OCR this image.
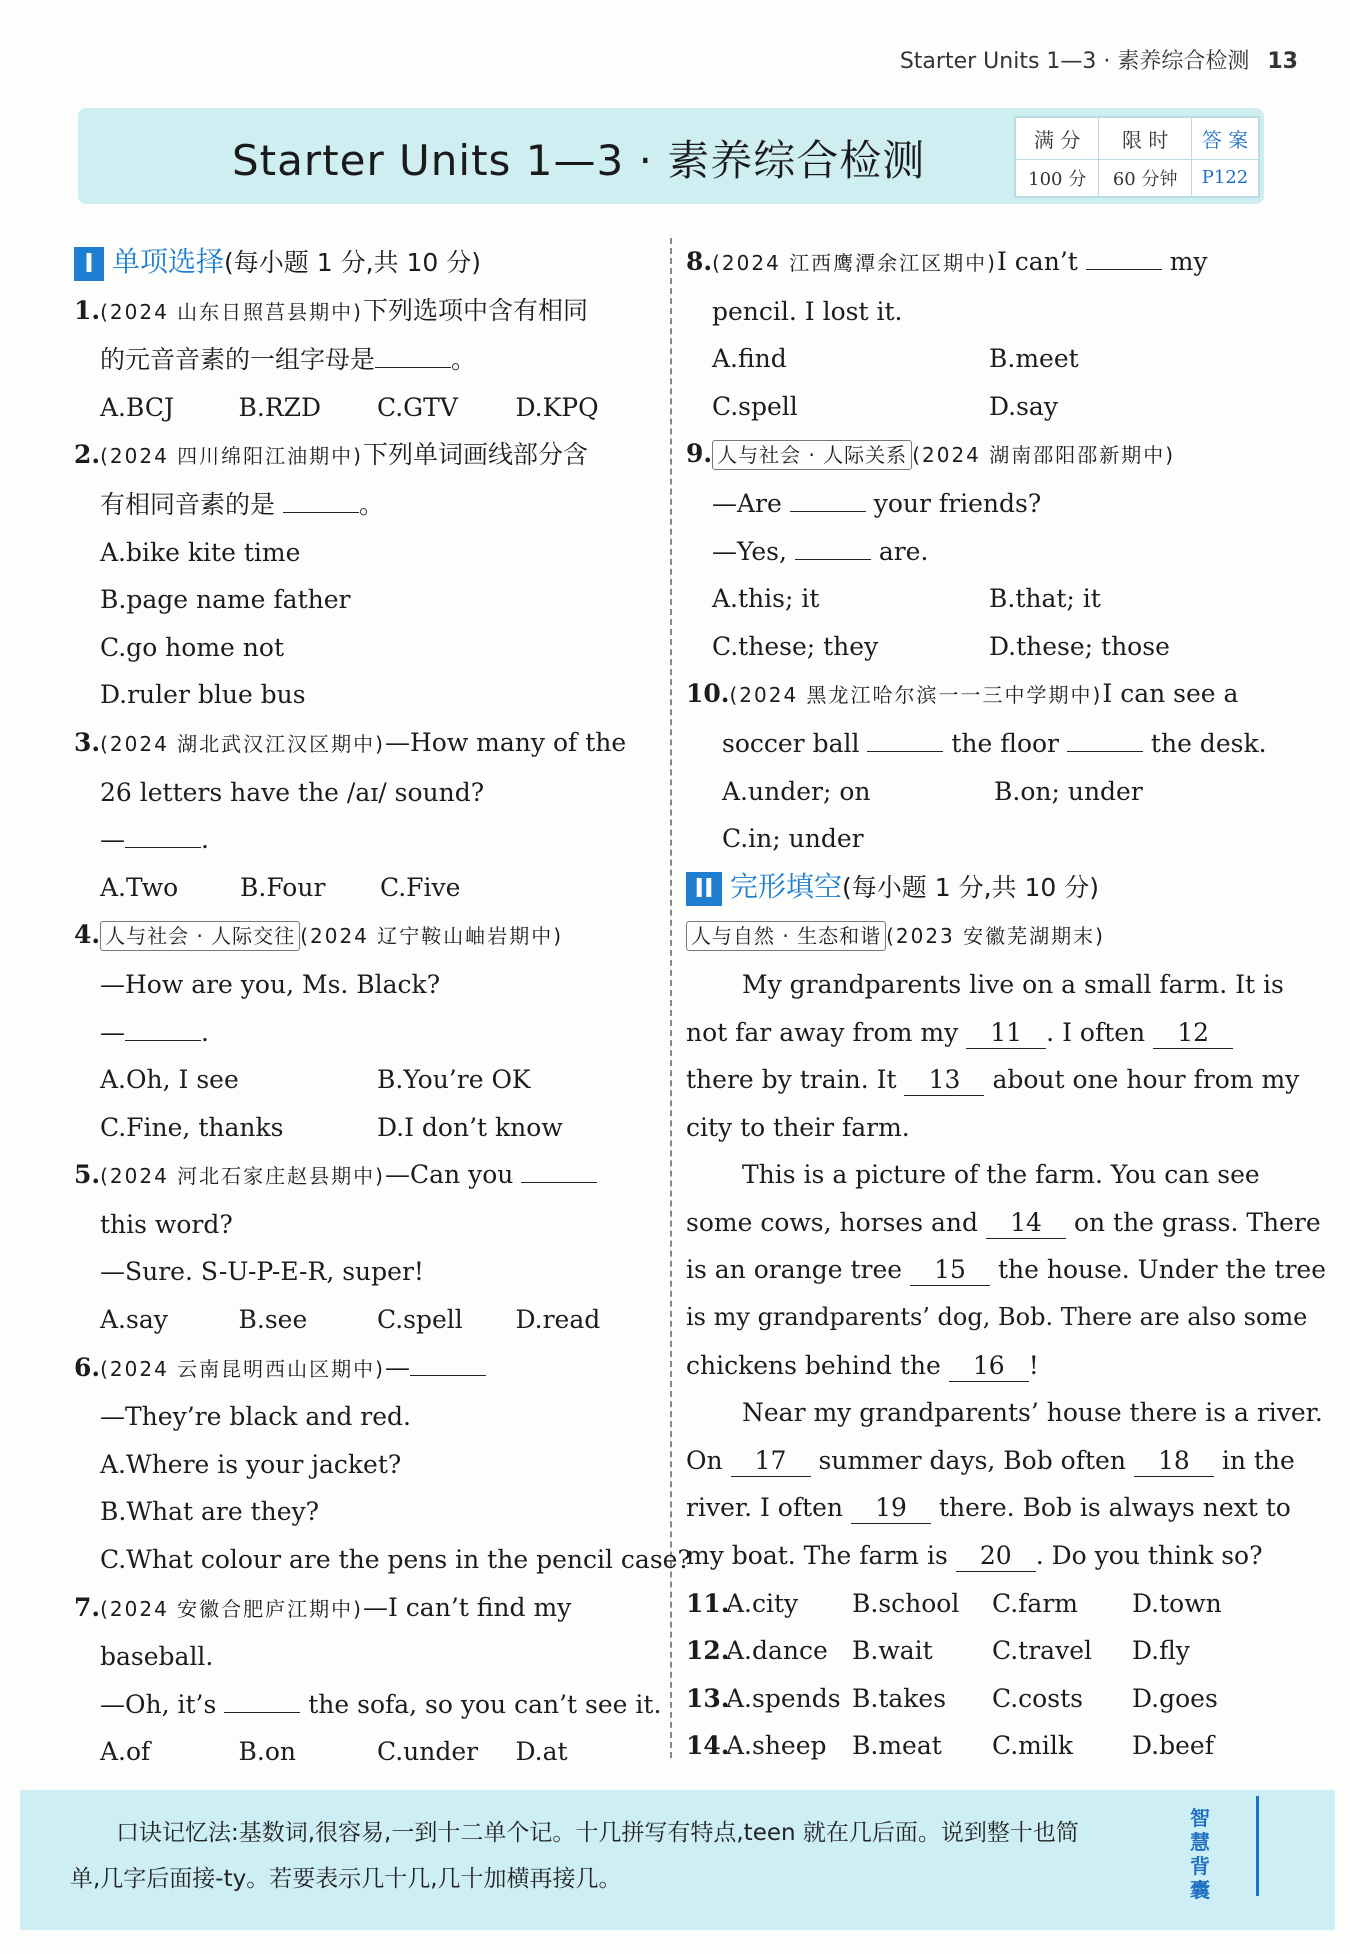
Starter Units 1—3 · 素养综合检测 13
Starter Units 1—3 · 素养综合检测	满 分	限 时	答 案
100 分	60 分钟	P122
I 单项选择(每小题 1 分,共 10 分)
1.(2024 山东日照莒县期中)下列选项中含有相同
的元音音素的一组字母是	。
A.BCJ	B.RZD	C.GTV	D.KPQ
2.(2024 四川绵阳江油期中)下列单词画线部分含
有相同音素的是	。
A.bike kite time
B.page name father
C.go home not
D.ruler blue bus
3.(2024 湖北武汉江汉区期中)—How many of the
26 letters have the /aɪ/ sound?
—	.
A.Two	B.Four	C.Five
4. 人与社会 · 人际交往 (2024 辽宁鞍山岫岩期中)
—How are you, Ms. Black?
—	.
A.Oh, I see	B.You’re OK
C.Fine, thanks	D.I don’t know
5.(2024 河北石家庄赵县期中)—Can you
this word?
—Sure. S-U-P-E-R, super!
A.say	B.see	C.spell	D.read
6.(2024 云南昆明西山区期中)—
—They’re black and red.
A.Where is your jacket?
B.What are they?
C.What colour are the pens in the pencil case?
7.(2024 安徽合肥庐江期中)—I can’t find my
baseball.
—Oh, it’s	the sofa, so you can’t see it.
A.of	B.on	C.under	D.at
8.(2024 江西鹰潭余江区期中)I can’t	my
pencil. I lost it.
A.find	B.meet
C.spell	D.say
9. 人与社会 · 人际关系 (2024 湖南邵阳邵新期中)
—Are	your friends?
—Yes,	are.
A.this; it	B.that; it
C.these; they	D.these; those
10.(2024 黑龙江哈尔滨一一三中学期中)I can see a
soccer ball	the floor	the desk.
A.under; on	B.on; under
C.in; under
II 完形填空(每小题 1 分,共 10 分)
人与自然 · 生态和谐 (2023 安徽芜湖期末)
My grandparents live on a small farm. It is
not far away from my 11 . I often 12
there by train. It 13 about one hour from my
city to their farm.
This is a picture of the farm. You can see
some cows, horses and 14 on the grass. There
is an orange tree 15 the house. Under the tree
is my grandparents’ dog, Bob. There are also some
chickens behind the 16 !
Near my grandparents’ house there is a river.
On 17 summer days, Bob often 18 in the
river. I often 19 there. Bob is always next to
my boat. The farm is 20 . Do you think so?
11.
A.city	B.school	C.farm	D.town
12.
A.dance B.wait	C.travel	D.fly
13.
A.spends B.takes	C.costs	D.goes
14.
A.sheep	B.meat	C.milk	D.beef
口诀记忆法:基数词,很容易,一到十二单个记。十几拼写有特点,teen 就在几后面。说到整十也简
单,几字后面接-ty。若要表示几十几,几十加横再接几。
智慧背囊
